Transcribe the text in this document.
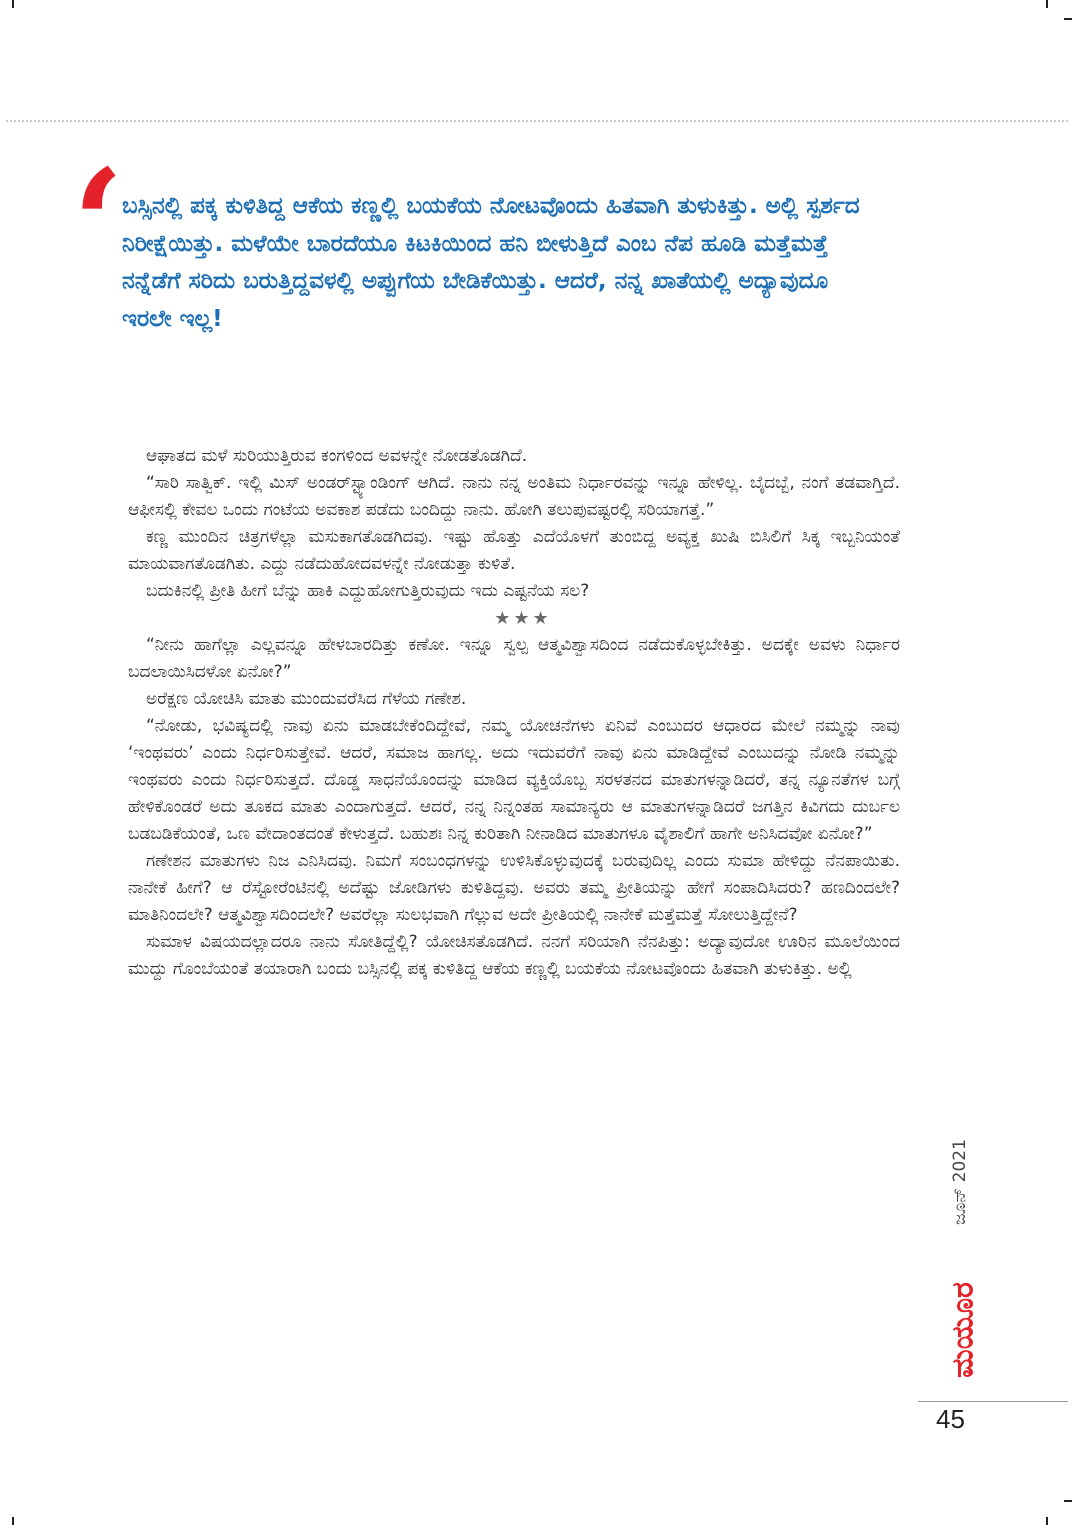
‘
ಬಸ್ಸಿನಲ್ಲಿ ಪಕ್ಕ ಕುಳಿತಿದ್ದ ಆಕೆಯ ಕಣ್ಣಲ್ಲಿ ಬಯಕೆಯ ನೋಟವೊಂದು ಹಿತವಾಗಿ ತುಳುಕಿತ್ತು. ಅಲ್ಲಿ ಸ್ಪರ್ಶದ ನಿರೀಕ್ಷೆಯಿತ್ತು. ಮಳೆಯೇ ಬಾರದೆಯೂ ಕಿಟಕಿಯಿಂದ ಹನಿ ಬೀಳುತ್ತಿದೆ ಎಂಬ ನೆಪ ಹೂಡಿ ಮತ್ತೆಮತ್ತೆ ನನ್ನೆಡೆಗೆ ಸರಿದು ಬರುತ್ತಿದ್ದವಳಲ್ಲಿ ಅಪ್ಪುಗೆಯ ಬೇಡಿಕೆಯಿತ್ತು. ಆದರೆ, ನನ್ನ ಖಾತೆಯಲ್ಲಿ ಅದ್ಯಾವುದೂ ಇರಲೇ ಇಲ್ಲ!

ಆಘಾತದ ಮಳೆ ಸುರಿಯುತ್ತಿರುವ ಕಂಗಳಿಂದ ಅವಳನ್ನೇ ನೋಡತೊಡಗಿದೆ.

“ಸಾರಿ ಸಾತ್ವಿಕ್. ಇಲ್ಲಿ ಮಿಸ್ ಅಂಡರ್‌ಸ್ಟ್ಯಾಂಡಿಂಗ್ ಆಗಿದೆ. ನಾನು ನನ್ನ ಅಂತಿಮ ನಿರ್ಧಾರವನ್ನು ಇನ್ನೂ ಹೇಳಿಲ್ಲ. ಬೈದಬ್ಬೆ, ನಂಗೆ ತಡವಾಗ್ತಿದೆ. ಆಫೀಸಲ್ಲಿ ಕೇವಲ ಒಂದು ಗಂಟೆಯ ಅವಕಾಶ ಪಡೆದು ಬಂದಿದ್ದು ನಾನು. ಹೋಗಿ ತಲುಪುವಷ್ಟರಲ್ಲಿ ಸರಿಯಾಗತ್ತೆ.”

ಕಣ್ಣ ಮುಂದಿನ ಚಿತ್ರಗಳೆಲ್ಲಾ ಮಸುಕಾಗತೊಡಗಿದವು. ಇಷ್ಟು ಹೊತ್ತು ಎದೆಯೊಳಗೆ ತುಂಬಿದ್ದ ಅವ್ಯಕ್ತ ಖುಷಿ ಬಿಸಿಲಿಗೆ ಸಿಕ್ಕ ಇಬ್ಬನಿಯಂತೆ ಮಾಯವಾಗತೊಡಗಿತು. ಎದ್ದು ನಡೆದುಹೋದವಳನ್ನೇ ನೋಡುತ್ತಾ ಕುಳಿತೆ.

ಬದುಕಿನಲ್ಲಿ ಪ್ರೀತಿ ಹೀಗೆ ಬೆನ್ನು ಹಾಕಿ ಎದ್ದುಹೋಗುತ್ತಿರುವುದು ಇದು ಎಷ್ಟನೆಯ ಸಲ?

★★★

“ನೀನು ಹಾಗೆಲ್ಲಾ ಎಲ್ಲವನ್ನೂ ಹೇಳಬಾರದಿತ್ತು ಕಣೋ. ಇನ್ನೂ ಸ್ವಲ್ಪ ಆತ್ಮವಿಶ್ವಾಸದಿಂದ ನಡೆದುಕೊಳ್ಳಬೇಕಿತ್ತು. ಅದಕ್ಕೇ ಅವಳು ನಿರ್ಧಾರ ಬದಲಾಯಿಸಿದಳೋ ಏನೋ?”

ಅರೆಕ್ಷಣ ಯೋಚಿಸಿ ಮಾತು ಮುಂದುವರೆಸಿದ ಗೆಳೆಯ ಗಣೇಶ.

“ನೋಡು, ಭವಿಷ್ಯದಲ್ಲಿ ನಾವು ಏನು ಮಾಡಬೇಕೆಂದಿದ್ದೇವೆ, ನಮ್ಮ ಯೋಚನೆಗಳು ಏನಿವೆ ಎಂಬುದರ ಆಧಾರದ ಮೇಲೆ ನಮ್ಮನ್ನು ನಾವು ‘ಇಂಥವರು’ ಎಂದು ನಿರ್ಧರಿಸುತ್ತೇವೆ. ಆದರೆ, ಸಮಾಜ ಹಾಗಲ್ಲ. ಅದು ಇದುವರೆಗೆ ನಾವು ಏನು ಮಾಡಿದ್ದೇವೆ ಎಂಬುದನ್ನು ನೋಡಿ ನಮ್ಮನ್ನು ಇಂಥವರು ಎಂದು ನಿರ್ಧರಿಸುತ್ತದೆ. ದೊಡ್ಡ ಸಾಧನೆಯೊಂದನ್ನು ಮಾಡಿದ ವ್ಯಕ್ತಿಯೊಬ್ಬ ಸರಳತನದ ಮಾತುಗಳನ್ನಾಡಿದರೆ, ತನ್ನ ನ್ಯೂನತೆಗಳ ಬಗ್ಗೆ ಹೇಳಿಕೊಂಡರೆ ಅದು ತೂಕದ ಮಾತು ಎಂದಾಗುತ್ತದೆ. ಆದರೆ, ನನ್ನ ನಿನ್ನಂತಹ ಸಾಮಾನ್ಯರು ಆ ಮಾತುಗಳನ್ನಾಡಿದರೆ ಜಗತ್ತಿನ ಕಿವಿಗದು ದುರ್ಬಲ ಬಡಬಡಿಕೆಯಂತೆ, ಒಣ ವೇದಾಂತದಂತೆ ಕೇಳುತ್ತದೆ. ಬಹುಶಃ ನಿನ್ನ ಕುರಿತಾಗಿ ನೀನಾಡಿದ ಮಾತುಗಳೂ ವೈಶಾಲಿಗೆ ಹಾಗೇ ಅನಿಸಿದವೋ ಏನೋ?”

ಗಣೇಶನ ಮಾತುಗಳು ನಿಜ ಎನಿಸಿದವು. ನಿಮಗೆ ಸಂಬಂಧಗಳನ್ನು ಉಳಿಸಿಕೊಳ್ಳುವುದಕ್ಕೆ ಬರುವುದಿಲ್ಲ ಎಂದು ಸುಮಾ ಹೇಳಿದ್ದು ನೆನಪಾಯಿತು. ನಾನೇಕೆ ಹೀಗೆ? ಆ ರೆಸ್ಟೋರೆಂಟಿನಲ್ಲಿ ಅದೆಷ್ಟು ಜೋಡಿಗಳು ಕುಳಿತಿದ್ದವು. ಅವರು ತಮ್ಮ ಪ್ರೀತಿಯನ್ನು ಹೇಗೆ ಸಂಪಾದಿಸಿದರು? ಹಣದಿಂದಲೇ? ಮಾತಿನಿಂದಲೇ? ಆತ್ಮವಿಶ್ವಾಸದಿಂದಲೇ? ಅವರೆಲ್ಲಾ ಸುಲಭವಾಗಿ ಗೆಲ್ಲುವ ಅದೇ ಪ್ರೀತಿಯಲ್ಲಿ ನಾನೇಕೆ ಮತ್ತೆಮತ್ತೆ ಸೋಲುತ್ತಿದ್ದೇನೆ?

ಸುಮಾಳ ವಿಷಯದಲ್ಲಾದರೂ ನಾನು ಸೋತಿದ್ದೆಲ್ಲಿ? ಯೋಚಿಸತೊಡಗಿದೆ. ನನಗೆ ಸರಿಯಾಗಿ ನೆನಪಿತ್ತು: ಅದ್ಯಾವುದೋ ಊರಿನ ಮೂಲೆಯಿಂದ ಮುದ್ದು ಗೊಂಬೆಯಂತೆ ತಯಾರಾಗಿ ಬಂದು ಬಸ್ಸಿನಲ್ಲಿ ಪಕ್ಕ ಕುಳಿತಿದ್ದ ಆಕೆಯ ಕಣ್ಣಲ್ಲಿ ಬಯಕೆಯ ನೋಟವೊಂದು ಹಿತವಾಗಿ ತುಳುಕಿತ್ತು. ಅಲ್ಲಿ

ಜೂನ್ 2021
ಮಯೂರ
45
